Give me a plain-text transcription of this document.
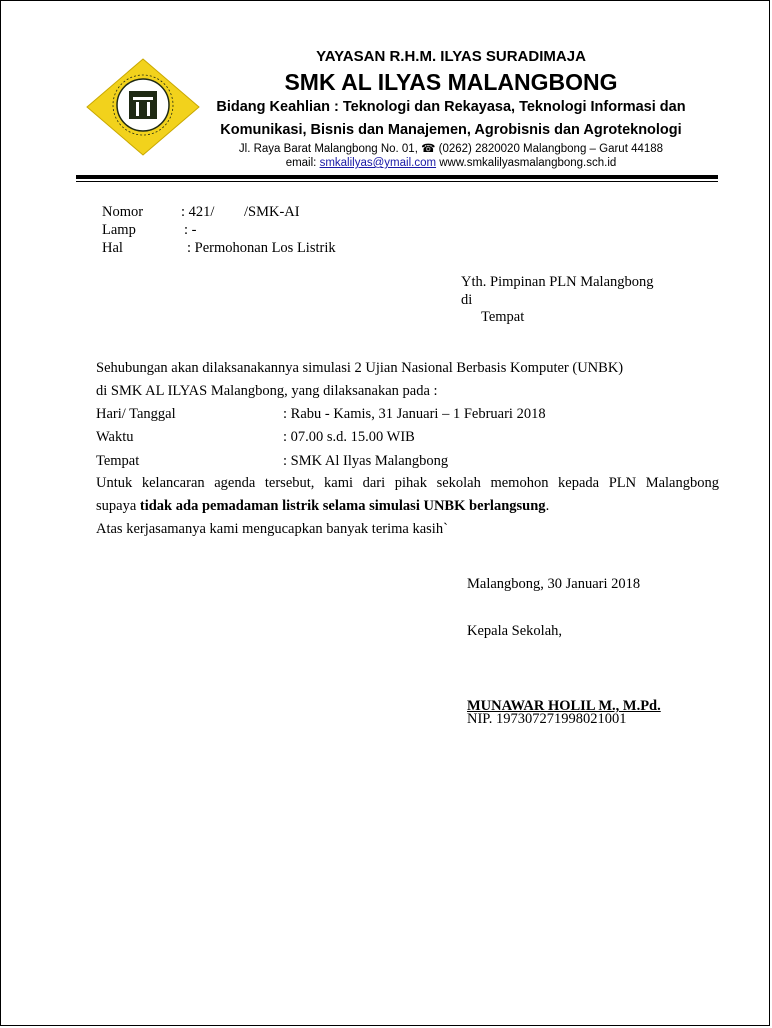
YAYASAN R.H.M. ILYAS SURADIMAJA
SMK AL ILYAS MALANGBONG
Bidang Keahlian : Teknologi dan Rekayasa, Teknologi Informasi dan
Komunikasi, Bisnis dan Manajemen, Agrobisnis dan Agroteknologi
Jl. Raya Barat Malangbong No. 01, ☎ (0262) 2820020 Malangbong – Garut 44188
email: smkalilyas@ymail.com www.smkalilyasmalangbong.sch.id
Nomor	: 421/ /SMK-AI
Lamp	: -
Hal	: Permohonan Los Listrik
Yth. Pimpinan PLN Malangbong
di
Tempat
Sehubungan akan dilaksanakannya simulasi 2 Ujian Nasional Berbasis Komputer (UNBK)
di SMK AL ILYAS Malangbong, yang dilaksanakan pada :
Hari/ Tanggal	: Rabu - Kamis, 31 Januari – 1 Februari 2018
Waktu	: 07.00 s.d. 15.00 WIB
Tempat	: SMK Al Ilyas Malangbong
Untuk kelancaran agenda tersebut, kami dari pihak sekolah memohon kepada PLN Malangbong
supaya tidak ada pemadaman listrik selama simulasi UNBK berlangsung.
Atas kerjasamanya kami mengucapkan banyak terima kasih`
Malangbong, 30 Januari 2018
Kepala Sekolah,
MUNAWAR HOLIL M., M.Pd.
NIP. 197307271998021001
